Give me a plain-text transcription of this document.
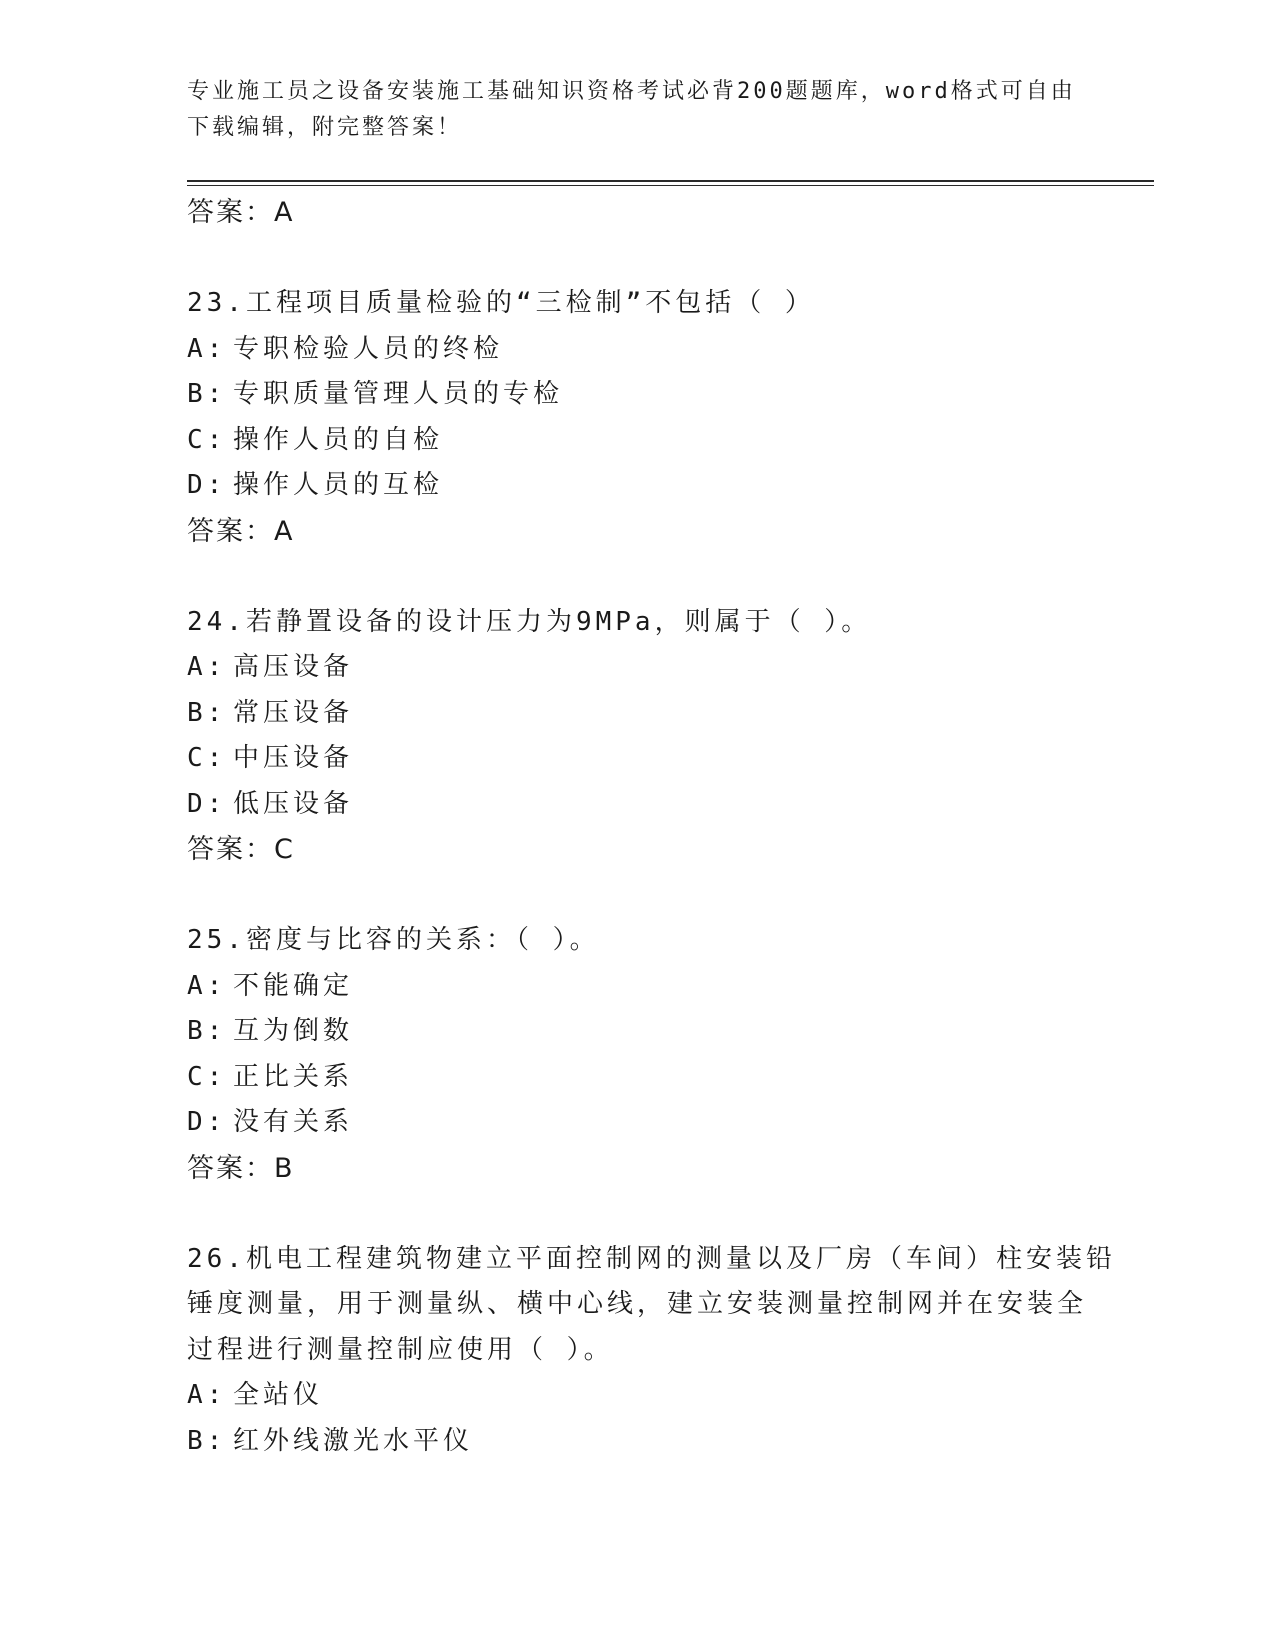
专业施工员之设备安装施工基础知识资格考试必背200题题库，word格式可自由
下载编辑，附完整答案！
答案：A
23.工程项目质量检验的“三检制”不包括（ ）
A: 专职检验人员的终检
B: 专职质量管理人员的专检
C: 操作人员的自检
D: 操作人员的互检
答案：A
24.若静置设备的设计压力为9MPa，则属于（ ）。
A: 高压设备
B: 常压设备
C: 中压设备
D: 低压设备
答案：C
25.密度与比容的关系：（ ）。
A: 不能确定
B: 互为倒数
C: 正比关系
D: 没有关系
答案：B
26.机电工程建筑物建立平面控制网的测量以及厂房（车间）柱安装铅
锤度测量，用于测量纵、横中心线，建立安装测量控制网并在安装全
过程进行测量控制应使用（ ）。
A: 全站仪
B: 红外线激光水平仪
